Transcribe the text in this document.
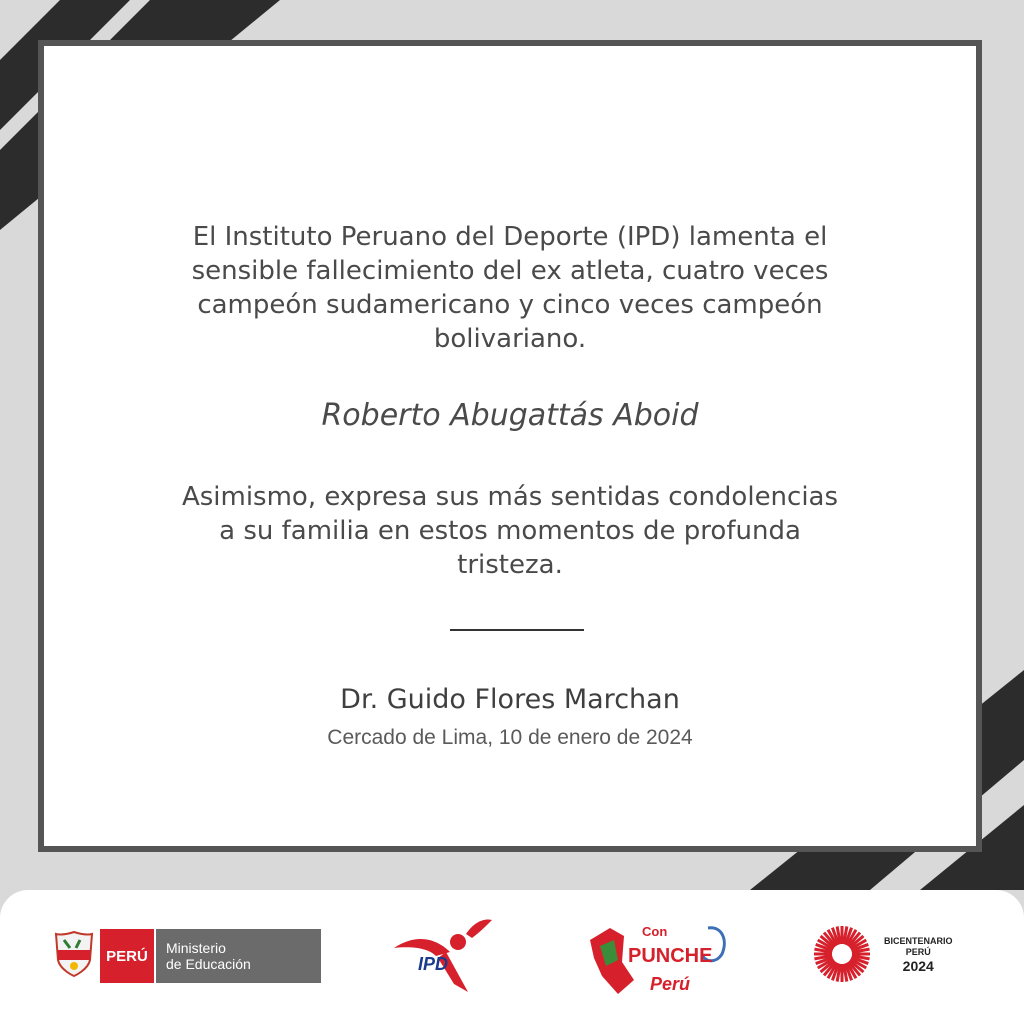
El Instituto Peruano del Deporte (IPD) lamenta el
sensible fallecimiento del ex atleta, cuatro veces
campeón sudamericano y cinco veces campeón
bolivariano.
Roberto Abugattás Aboid
Asimismo, expresa sus más sentidas condolencias
a su familia en estos momentos de profunda
tristeza.
Dr. Guido Flores Marchan
Cercado de Lima, 10 de enero de 2024
PERÚ	Ministerio
de Educación	IPD
Con
PUNCHE
Perú
BICENTENARIO
PERÚ
2024
